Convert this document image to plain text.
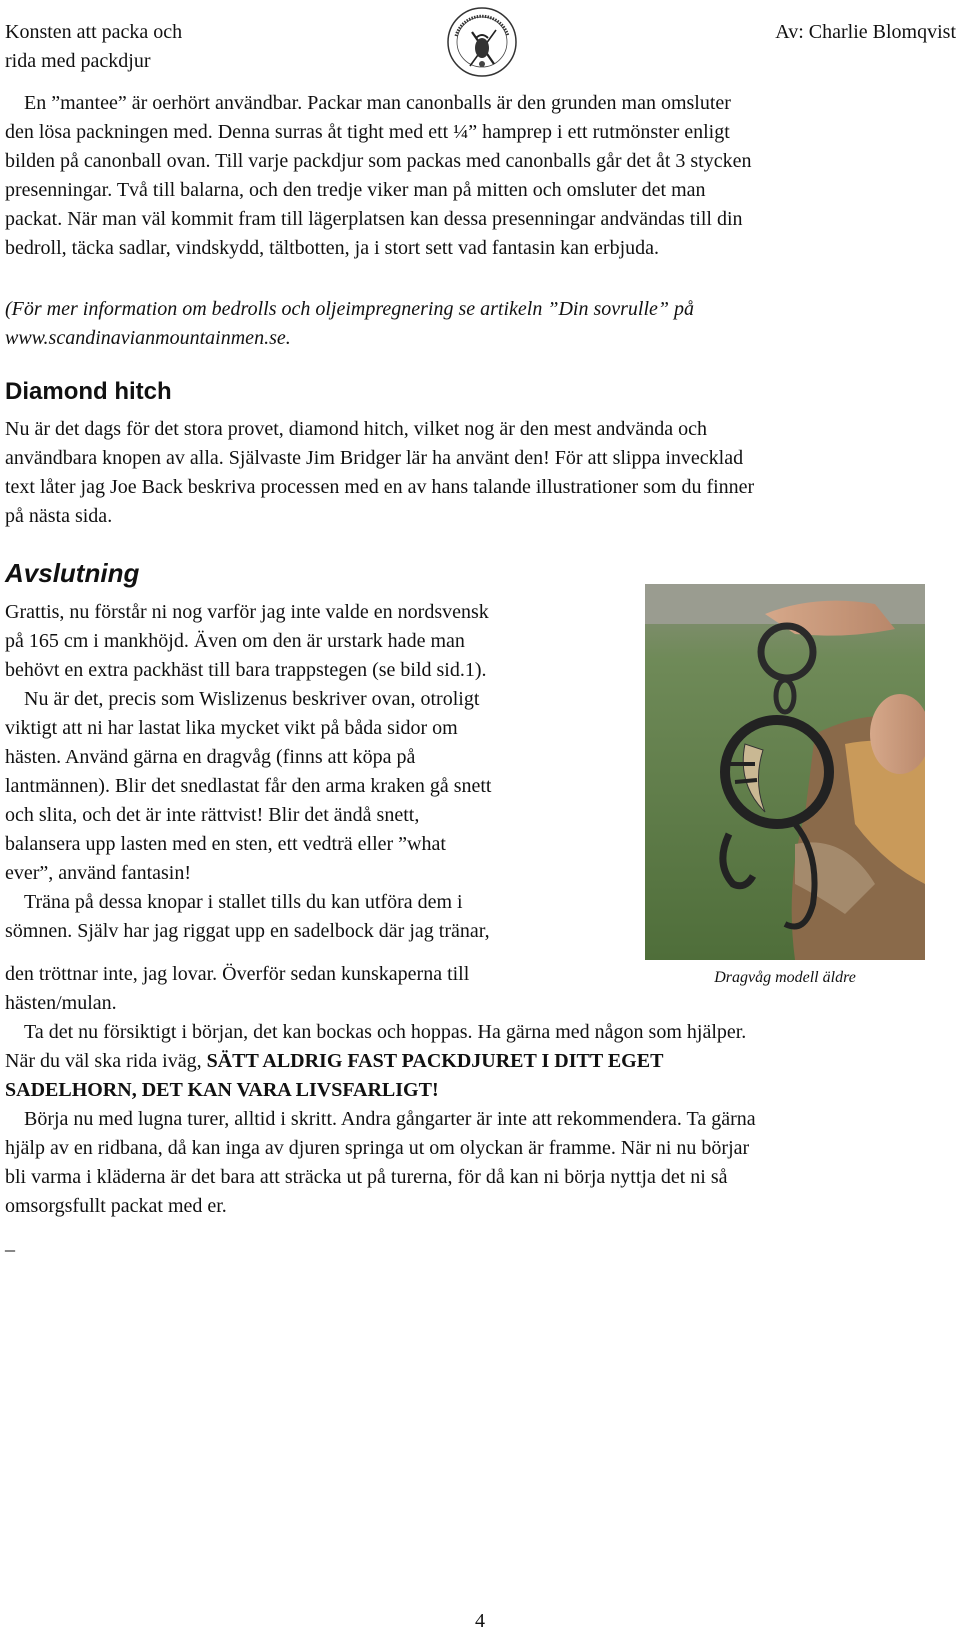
Konsten att packa och
rida med packdjur
Av: Charlie Blomqvist
En ”mantee” är oerhört användbar. Packar man canonballs är den grunden man omsluter
den lösa packningen med. Denna surras åt tight med ett ¼” hamprep i ett rutmönster enligt
bilden på canonball ovan. Till varje packdjur som packas med canonballs går det åt 3 stycken
presenningar. Två till balarna, och den tredje viker man på mitten och omsluter det man
packat. När man väl kommit fram till lägerplatsen kan dessa presenningar andvändas till din
bedroll, täcka sadlar, vindskydd, tältbotten, ja i stort sett vad fantasin kan erbjuda.
(För mer information om bedrolls och oljeimpregnering se artikeln ”Din sovrulle” på
www.scandinavianmountainmen.se.
Diamond hitch
Nu är det dags för det stora provet, diamond hitch, vilket nog är den mest andvända och
användbara knopen av alla. Självaste Jim Bridger lär ha använt den! För att slippa invecklad
text låter jag Joe Back beskriva processen med en av hans talande illustrationer som du finner
på nästa sida.
Avslutning
Grattis, nu förstår ni nog varför jag inte valde en nordsvensk
på 165 cm i mankhöjd. Även om den är urstark hade man
behövt en extra packhäst till bara trappstegen (se bild sid.1).
Nu är det, precis som Wislizenus beskriver ovan, otroligt
viktigt att ni har lastat lika mycket vikt på båda sidor om
hästen. Använd gärna en dragvåg (finns att köpa på
lantmännen). Blir det snedlastat får den arma kraken gå snett
och slita, och det är inte rättvist! Blir det ändå snett,
balansera upp lasten med en sten, ett vedträ eller ”what
ever”, använd fantasin!
Träna på dessa knopar i stallet tills du kan utföra dem i
sömnen. Själv har jag riggat upp en sadelbock där jag tränar,
den tröttnar inte, jag lovar. Överför sedan kunskaperna till
hästen/mulan.
Ta det nu försiktigt i början, det kan bockas och hoppas. Ha gärna med någon som hjälper.
När du väl ska rida iväg, SÄTT ALDRIG FAST PACKDJURET I DITT EGET
SADELHORN, DET KAN VARA LIVSFARLIGT!
Börja nu med lugna turer, alltid i skritt. Andra gångarter är inte att rekommendera. Ta gärna
hjälp av en ridbana, då kan inga av djuren springa ut om olyckan är framme. När ni nu börjar
bli varma i kläderna är det bara att sträcka ut på turerna, för då kan ni börja nyttja det ni så
omsorgsfullt packat med er.
_
Dragvåg modell äldre
4
